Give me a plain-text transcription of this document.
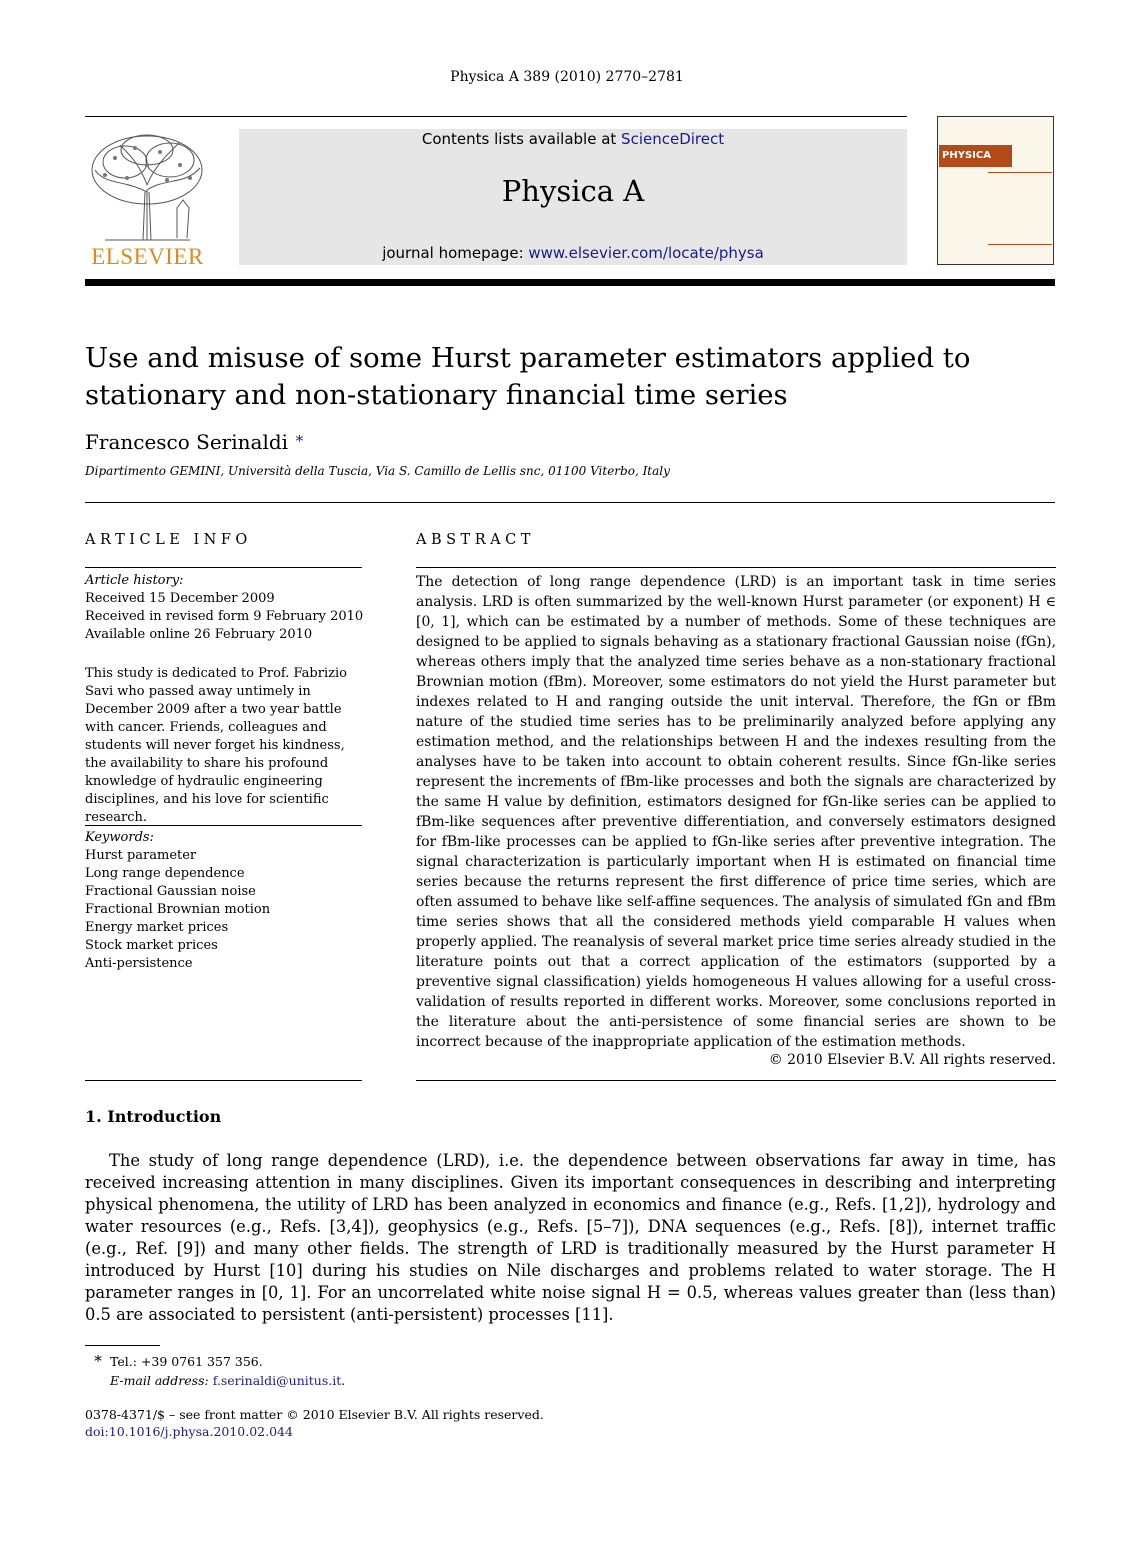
Physica A 389 (2010) 2770–2781
ELSEVIER
Contents lists available at ScienceDirect
Physica A
journal homepage: www.elsevier.com/locate/physa
PHYSICA
Use and misuse of some Hurst parameter estimators applied to stationary and non-stationary financial time series
Francesco Serinaldi ∗
Dipartimento GEMINI, Università della Tuscia, Via S. Camillo de Lellis snc, 01100 Viterbo, Italy
ARTICLE INFO	ABSTRACT
Article history:
Received 15 December 2009
Received in revised form 9 February 2010
Available online 26 February 2010

This study is dedicated to Prof. Fabrizio Savi who passed away untimely in December 2009 after a two year battle with cancer. Friends, colleagues and students will never forget his kindness, the availability to share his profound knowledge of hydraulic engineering disciplines, and his love for scientific research.

Keywords:
Hurst parameter
Long range dependence
Fractional Gaussian noise
Fractional Brownian motion
Energy market prices
Stock market prices
Anti-persistence

The detection of long range dependence (LRD) is an important task in time series analysis. LRD is often summarized by the well-known Hurst parameter (or exponent) H ∈ [0, 1], which can be estimated by a number of methods. Some of these techniques are designed to be applied to signals behaving as a stationary fractional Gaussian noise (fGn), whereas others imply that the analyzed time series behave as a non-stationary fractional Brownian motion (fBm). Moreover, some estimators do not yield the Hurst parameter but indexes related to H and ranging outside the unit interval. Therefore, the fGn or fBm nature of the studied time series has to be preliminarily analyzed before applying any estimation method, and the relationships between H and the indexes resulting from the analyses have to be taken into account to obtain coherent results. Since fGn-like series represent the increments of fBm-like processes and both the signals are characterized by the same H value by definition, estimators designed for fGn-like series can be applied to fBm-like sequences after preventive differentiation, and conversely estimators designed for fBm-like processes can be applied to fGn-like series after preventive integration. The signal characterization is particularly important when H is estimated on financial time series because the returns represent the first difference of price time series, which are often assumed to behave like self-affine sequences. The analysis of simulated fGn and fBm time series shows that all the considered methods yield comparable H values when properly applied. The reanalysis of several market price time series already studied in the literature points out that a correct application of the estimators (supported by a preventive signal classification) yields homogeneous H values allowing for a useful cross-validation of results reported in different works. Moreover, some conclusions reported in the literature about the anti-persistence of some financial series are shown to be incorrect because of the inappropriate application of the estimation methods.

© 2010 Elsevier B.V. All rights reserved.
1. Introduction

The study of long range dependence (LRD), i.e. the dependence between observations far away in time, has received increasing attention in many disciplines. Given its important consequences in describing and interpreting physical phenomena, the utility of LRD has been analyzed in economics and finance (e.g., Refs. [1,2]), hydrology and water resources (e.g., Refs. [3,4]), geophysics (e.g., Refs. [5–7]), DNA sequences (e.g., Refs. [8]), internet traffic (e.g., Ref. [9]) and many other fields. The strength of LRD is traditionally measured by the Hurst parameter H introduced by Hurst [10] during his studies on Nile discharges and problems related to water storage. The H parameter ranges in [0, 1]. For an uncorrelated white noise signal H = 0.5, whereas values greater than (less than) 0.5 are associated to persistent (anti-persistent) processes [11].

∗ Tel.: +39 0761 357 356.
E-mail address: f.serinaldi@unitus.it.
0378-4371/$ – see front matter © 2010 Elsevier B.V. All rights reserved.
doi:10.1016/j.physa.2010.02.044
